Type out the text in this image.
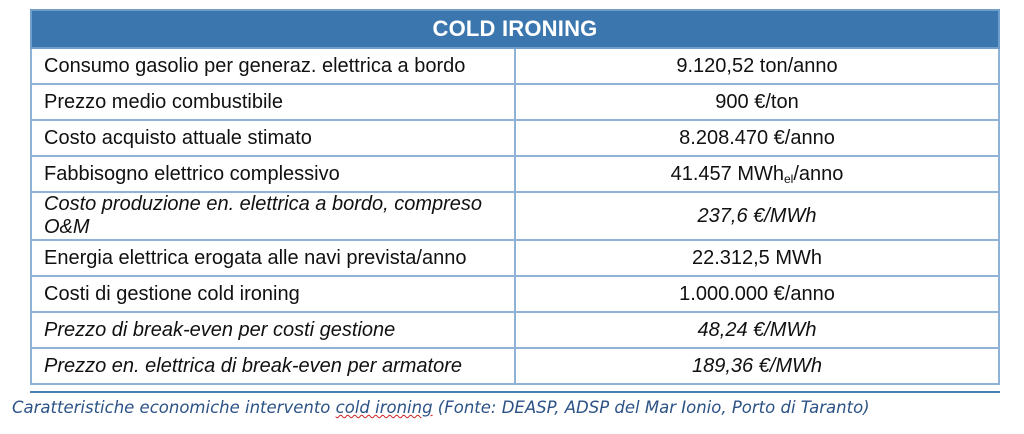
COLD IRONING	
Consumo gasolio per generaz. elettrica a bordo	9.120,52 ton/anno
Prezzo medio combustibile	900 €/ton
Costo acquisto attuale stimato	8.208.470 €/anno
Fabbisogno elettrico complessivo	41.457 MWhel/anno
Costo produzione en. elettrica a bordo, compreso O&M	237,6 €/MWh
Energia elettrica erogata alle navi prevista/anno	22.312,5 MWh
Costi di gestione cold ironing	1.000.000 €/anno
Prezzo di break-even per costi gestione	48,24 €/MWh
Prezzo en. elettrica di break-even per armatore	189,36 €/MWh
Caratteristiche economiche intervento cold ironing (Fonte: DEASP, ADSP del Mar Ionio, Porto di Taranto)
